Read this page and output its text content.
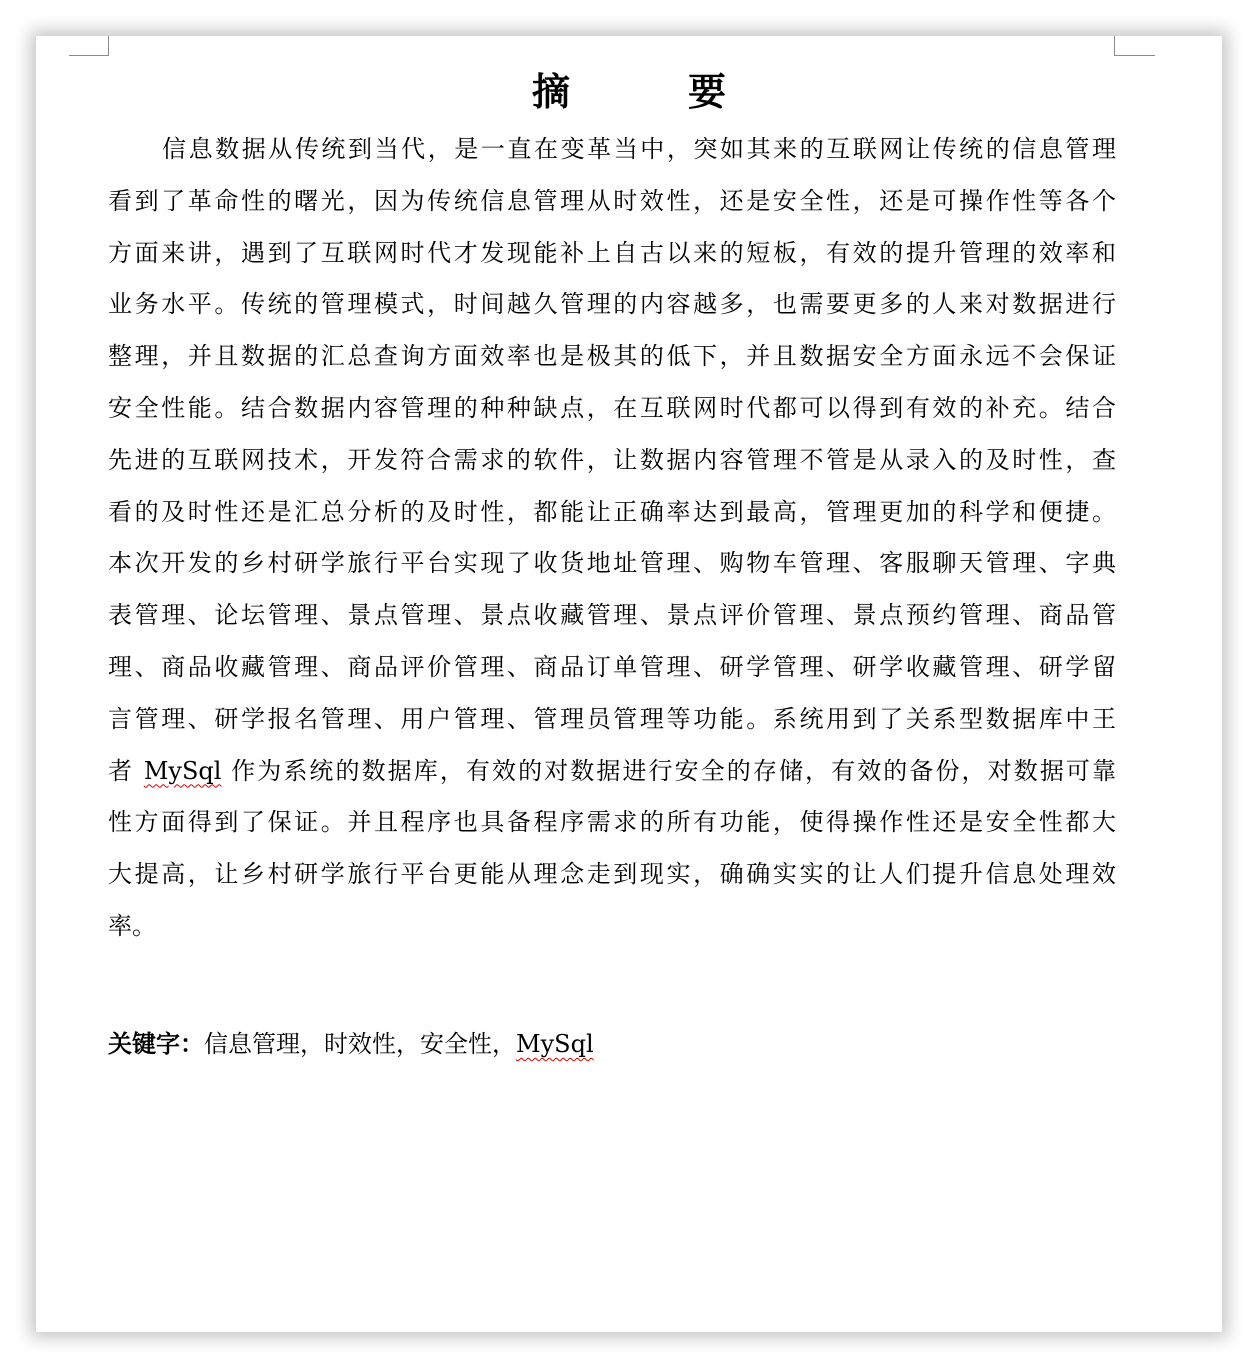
摘　要
信息数据从传统到当代，是一直在变革当中，突如其来的互联网让传统的信息管理
看到了革命性的曙光，因为传统信息管理从时效性，还是安全性，还是可操作性等各个
方面来讲，遇到了互联网时代才发现能补上自古以来的短板，有效的提升管理的效率和
业务水平。传统的管理模式，时间越久管理的内容越多，也需要更多的人来对数据进行
整理，并且数据的汇总查询方面效率也是极其的低下，并且数据安全方面永远不会保证
安全性能。结合数据内容管理的种种缺点，在互联网时代都可以得到有效的补充。结合
先进的互联网技术，开发符合需求的软件，让数据内容管理不管是从录入的及时性，查
看的及时性还是汇总分析的及时性，都能让正确率达到最高，管理更加的科学和便捷。
本次开发的乡村研学旅行平台实现了收货地址管理、购物车管理、客服聊天管理、字典
表管理、论坛管理、景点管理、景点收藏管理、景点评价管理、景点预约管理、商品管
理、商品收藏管理、商品评价管理、商品订单管理、研学管理、研学收藏管理、研学留
言管理、研学报名管理、用户管理、管理员管理等功能。系统用到了关系型数据库中王
者 MySql 作为系统的数据库，有效的对数据进行安全的存储，有效的备份，对数据可靠
性方面得到了保证。并且程序也具备程序需求的所有功能，使得操作性还是安全性都大
大提高，让乡村研学旅行平台更能从理念走到现实，确确实实的让人们提升信息处理效
率。
关键字：信息管理，时效性，安全性，MySql
